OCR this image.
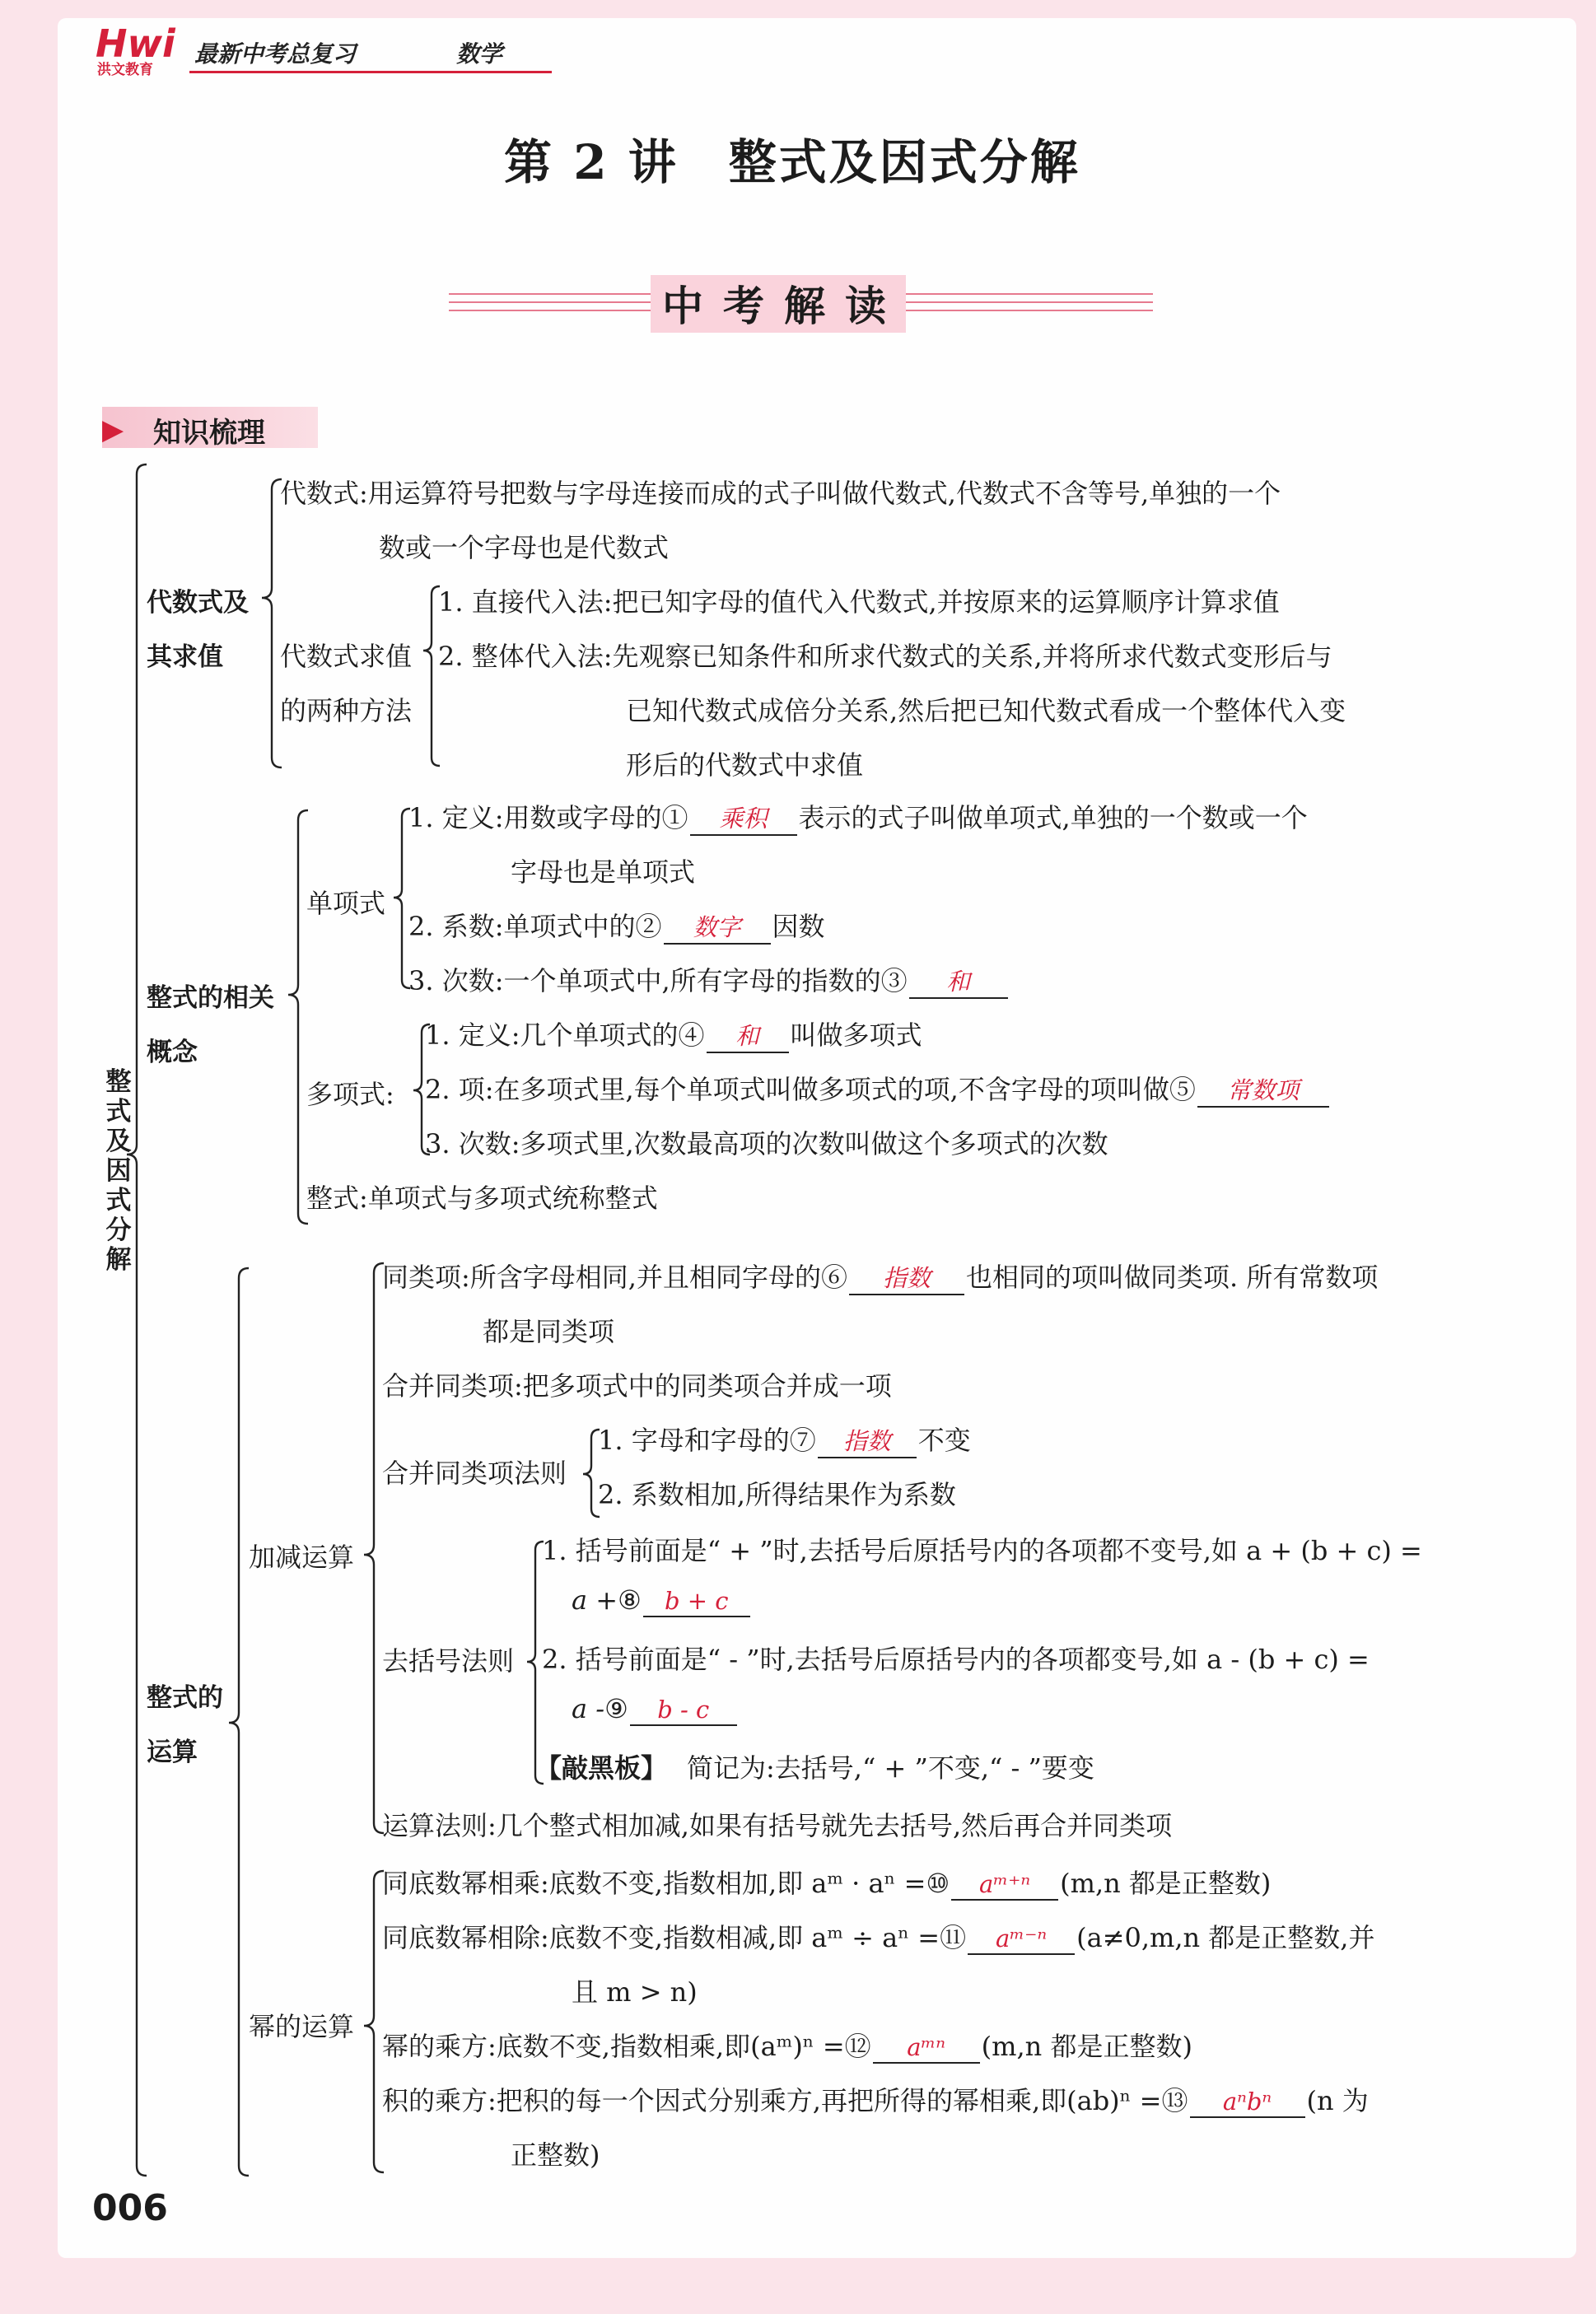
Hwi
洪文教育
最新中考总复习	数学
第 2 讲　整式及因式分解
中考解读
▶ 知识梳理
整
式
及
因
式
分
解
代数式及
其求值
代数式:用运算符号把数与字母连接而成的式子叫做代数式,代数式不含等号,单独的一个
数或一个字母也是代数式
代数式求值
的两种方法
1. 直接代入法:把已知字母的值代入代数式,并按原来的运算顺序计算求值
2. 整体代入法:先观察已知条件和所求代数式的关系,并将所求代数式变形后与
已知代数式成倍分关系,然后把已知代数式看成一个整体代入变
形后的代数式中求值
整式的相关
概念
单项式
1. 定义:用数或字母的① 乘积 表示的式子叫做单项式,单独的一个数或一个
字母也是单项式
2. 系数:单项式中的② 数字 因数
3. 次数:一个单项式中,所有字母的指数的③ 和
多项式:
1. 定义:几个单项式的④ 和 叫做多项式
2. 项:在多项式里,每个单项式叫做多项式的项,不含字母的项叫做⑤ 常数项
3. 次数:多项式里,次数最高项的次数叫做这个多项式的次数
整式:单项式与多项式统称整式
整式的
运算
加减运算
同类项:所含字母相同,并且相同字母的⑥ 指数 也相同的项叫做同类项. 所有常数项
都是同类项
合并同类项:把多项式中的同类项合并成一项
合并同类项法则
1. 字母和字母的⑦ 指数 不变
2. 系数相加,所得结果作为系数
去括号法则
1. 括号前面是“ + ”时,去括号后原括号内的各项都不变号,如 a + (b + c) =
a +⑧ b + c
2. 括号前面是“ - ”时,去括号后原括号内的各项都变号,如 a - (b + c) =
a -⑨ b - c
【敲黑板】 简记为:去括号,“ + ”不变,“ - ”要变
运算法则:几个整式相加减,如果有括号就先去括号,然后再合并同类项
幂的运算
同底数幂相乘:底数不变,指数相加,即 aᵐ · aⁿ =⑩ aᵐ⁺ⁿ (m,n 都是正整数)
同底数幂相除:底数不变,指数相减,即 aᵐ ÷ aⁿ =⑪ aᵐ⁻ⁿ (a≠0,m,n 都是正整数,并
且 m > n)
幂的乘方:底数不变,指数相乘,即(aᵐ)ⁿ =⑫ aᵐⁿ (m,n 都是正整数)
积的乘方:把积的每一个因式分别乘方,再把所得的幂相乘,即(ab)ⁿ =⑬ aⁿbⁿ (n 为
正整数)
006
